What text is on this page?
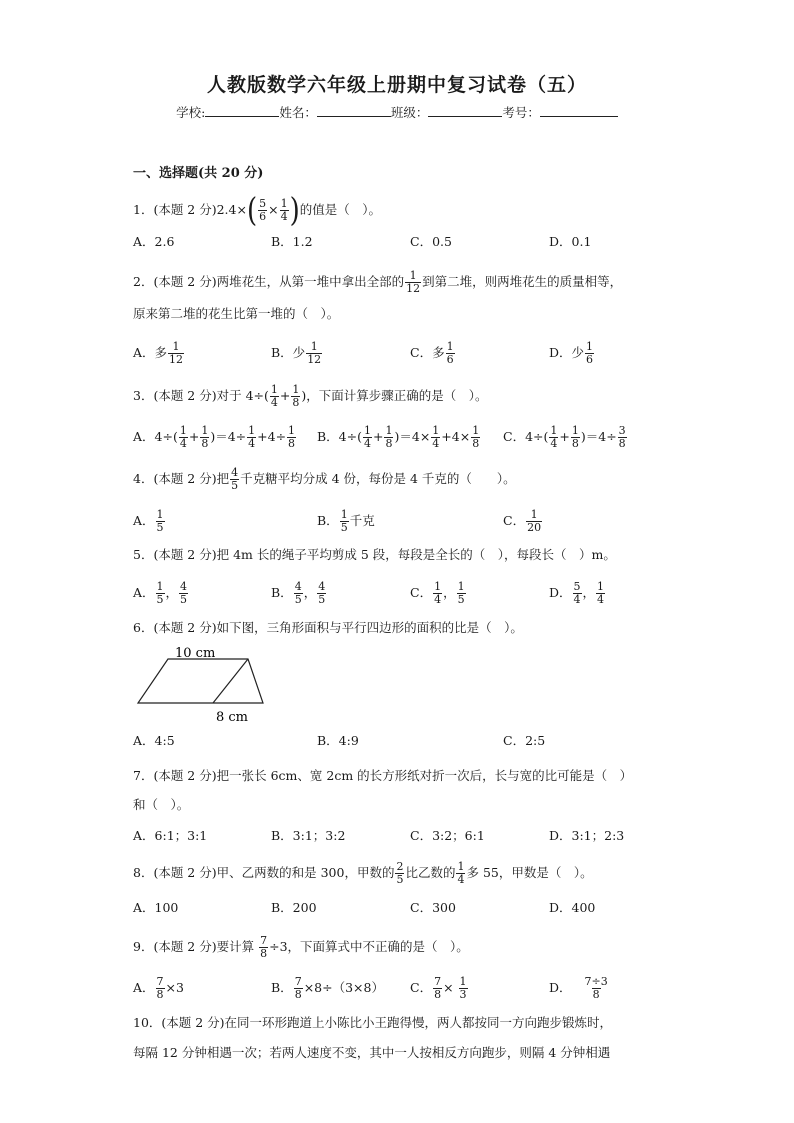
人教版数学六年级上册期中复习试卷（五）
学校:	姓名：	班级：	考号：
一、选择题(共 20 分)
1．(本题 2 分)$2.4\times( \frac{5}{6} \times \frac{1}{4}$ )的值是（　）。
A．2.6	B．1.2	C．0.5	D．0.1
2．(本题 2 分)两堆花生，从第一堆中拿出全部的 $\frac{1}{12}$ 到第二堆，则两堆花生的质量相等，
原来第二堆的花生比第一堆的（　）。
A．多 $\frac{1}{12}$	B．少 $\frac{1}{12}$	C．多 $\frac{1}{6}$	D．少 $\frac{1}{6}$
3．(本题 2 分)对于 $4\div( \frac{1}{4} + \frac{1}{8}$ )，下面计算步骤正确的是（　）。
A．$4\div( \frac{1}{4} + \frac{1}{8} )=4\div \frac{1}{4} +4\div \frac{1}{8}$ B．$4\div( \frac{1}{4} + \frac{1}{8} )=4\times \frac{1}{4} +4\times \frac{1}{8}$ C．$4\div( \frac{1}{4} + \frac{1}{8} )=4\div \frac{3}{8}$
4．(本题 2 分)把 $\frac{4}{5}$ 千克糖平均分成 4 份，每份是 4 千克的（　　）。
A． $\frac{1}{5}$	B． $\frac{1}{5}$ 千克	C． $\frac{1}{20}$
5．(本题 2 分)把 4m 长的绳子平均剪成 5 段，每段是全长的（　），每段长（　）m。
A． $\frac{1}{5}$ ， $\frac{4}{5}$	B． $\frac{4}{5}$ ， $\frac{4}{5}$	C． $\frac{1}{4}$ ， $\frac{1}{5}$	D． $\frac{5}{4}$ ， $\frac{1}{4}$
6．(本题 2 分)如下图，三角形面积与平行四边形的面积的比是（　）。
10 cm
8 cm
A．4:5	B．4:9	C．2:5
7．(本题 2 分)把一张长 6cm、宽 2cm 的长方形纸对折一次后，长与宽的比可能是（　）
和（　）。
A．6:1；3:1	B．3:1；3:2	C．3:2；6:1	D．3:1；2:3
8．(本题 2 分)甲、乙两数的和是 300，甲数的 $\frac{2}{5}$ 比乙数的 $\frac{1}{4}$ 多 55，甲数是（　）。
A．100	B．200	C．300	D．400
9．(本题 2 分)要计算 $\frac{7}{8} \div 3$，下面算式中不正确的是（　）。
A． $\frac{7}{8} \times 3$	B． $\frac{7}{8} \times 8\div(3\times 8)$ C． $\frac{7}{8} \times \frac{1}{3}$	D． $\frac{7\div 3}{8}$
10．(本题 2 分)在同一环形跑道上小陈比小王跑得慢，两人都按同一方向跑步锻炼时，
每隔 12 分钟相遇一次；若两人速度不变，其中一人按相反方向跑步，则隔 4 分钟相遇
